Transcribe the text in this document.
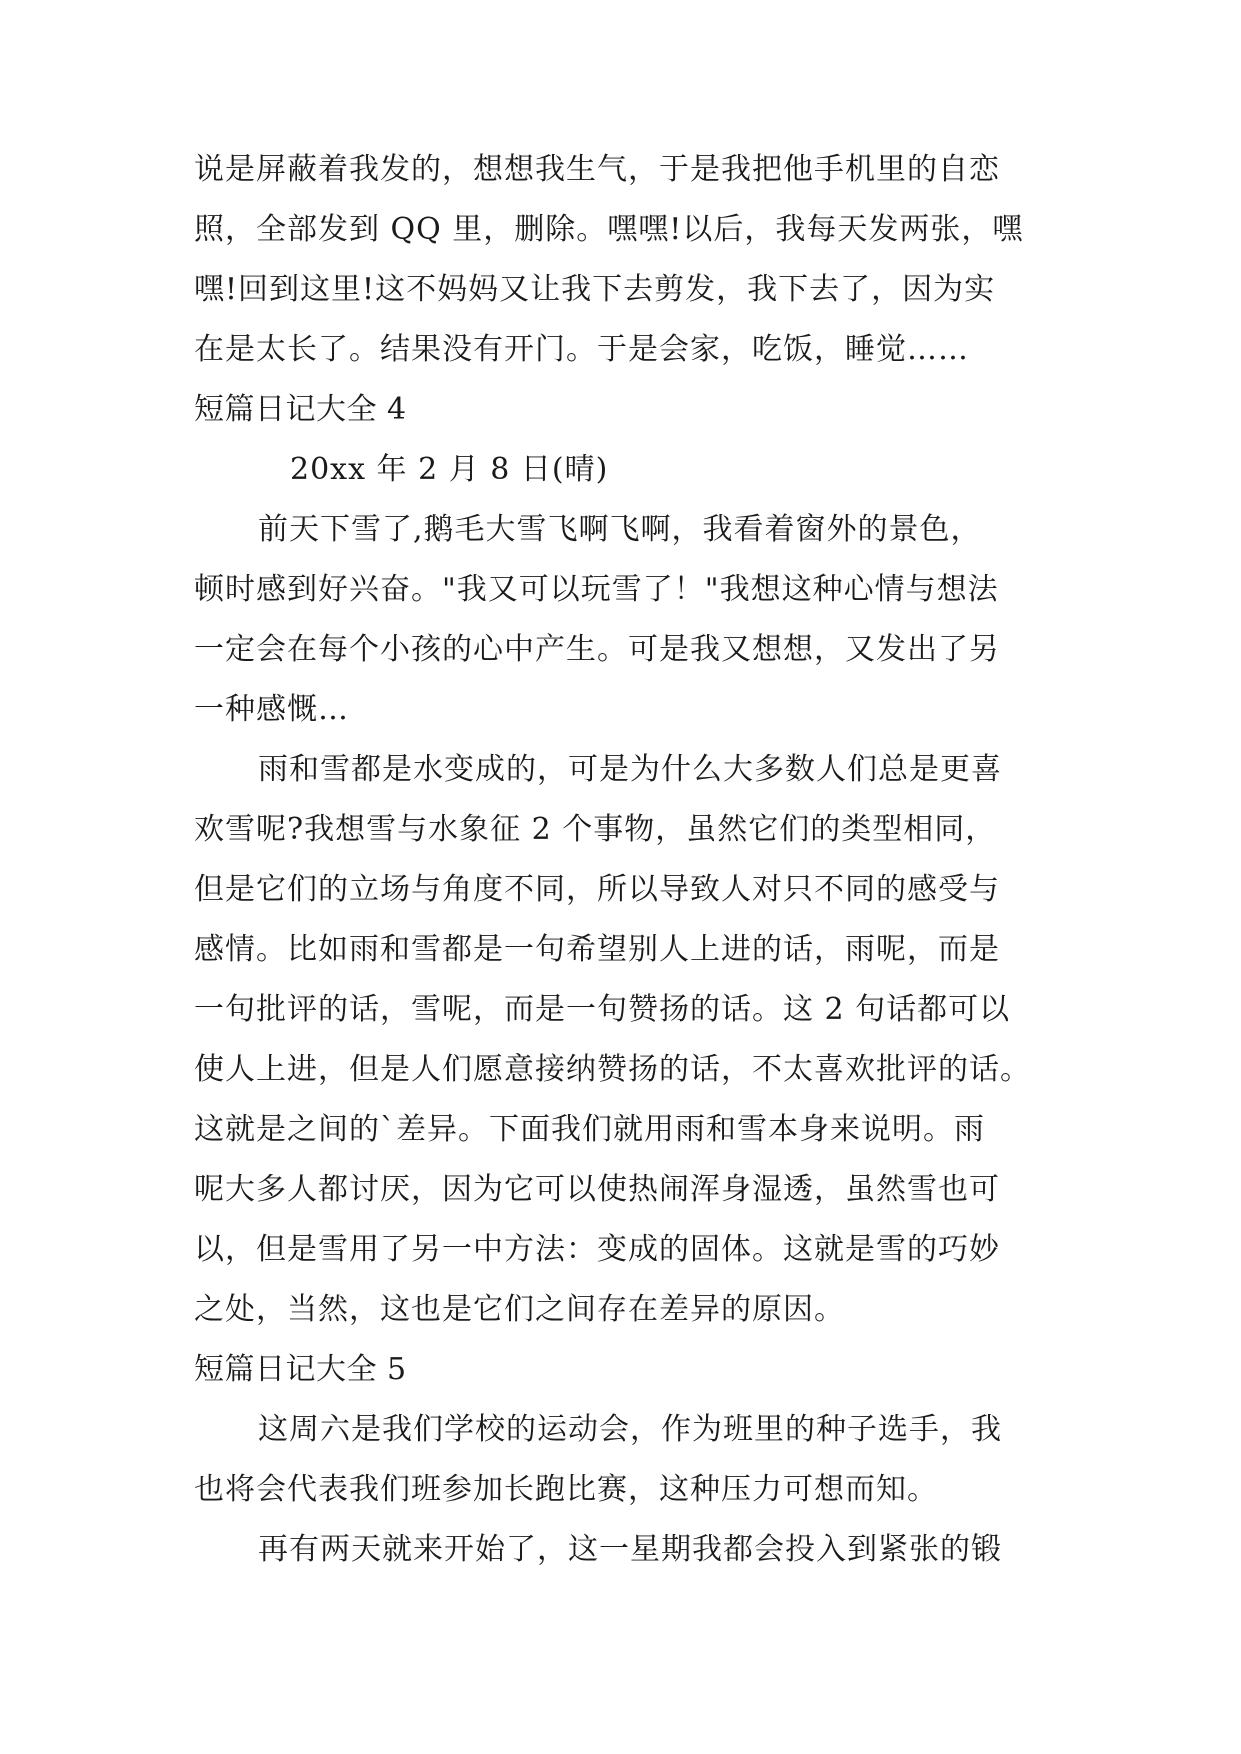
说是屏蔽着我发的，想想我生气，于是我把他手机里的自恋
照，全部发到 QQ 里，删除。嘿嘿!以后，我每天发两张，嘿
嘿!回到这里!这不妈妈又让我下去剪发，我下去了，因为实
在是太长了。结果没有开门。于是会家，吃饭，睡觉……
短篇日记大全 4
20xx 年 2 月 8 日(晴)
前天下雪了,鹅毛大雪飞啊飞啊，我看着窗外的景色，
顿时感到好兴奋。"我又可以玩雪了！"我想这种心情与想法
一定会在每个小孩的心中产生。可是我又想想，又发出了另
一种感慨…
雨和雪都是水变成的，可是为什么大多数人们总是更喜
欢雪呢?我想雪与水象征 2 个事物，虽然它们的类型相同，
但是它们的立场与角度不同，所以导致人对只不同的感受与
感情。比如雨和雪都是一句希望别人上进的话，雨呢，而是
一句批评的话，雪呢，而是一句赞扬的话。这 2 句话都可以
使人上进，但是人们愿意接纳赞扬的话，不太喜欢批评的话。
这就是之间的`差异。下面我们就用雨和雪本身来说明。雨
呢大多人都讨厌，因为它可以使热闹浑身湿透，虽然雪也可
以，但是雪用了另一中方法：变成的固体。这就是雪的巧妙
之处，当然，这也是它们之间存在差异的原因。
短篇日记大全 5
这周六是我们学校的运动会，作为班里的种子选手，我
也将会代表我们班参加长跑比赛，这种压力可想而知。
再有两天就来开始了，这一星期我都会投入到紧张的锻
